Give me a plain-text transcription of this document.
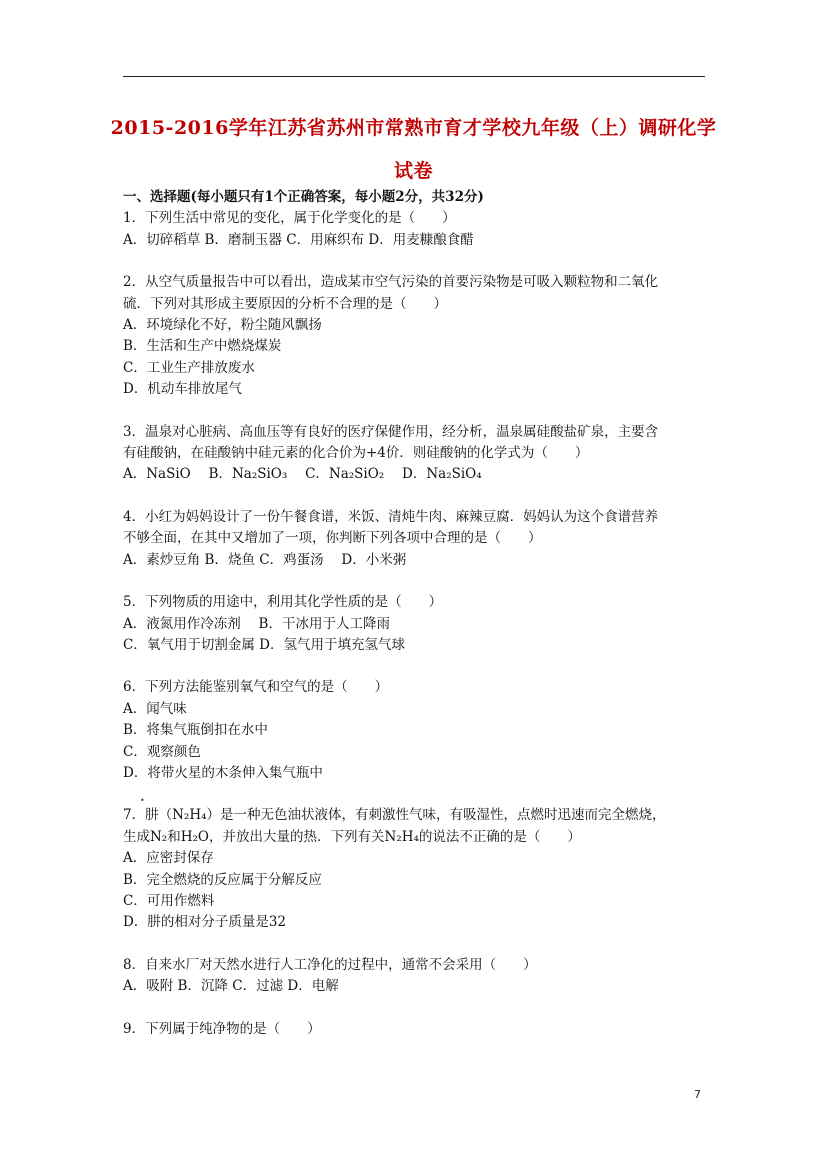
2015-2016学年江苏省苏州市常熟市育才学校九年级（上）调研化学
试卷

一、选择题(每小题只有1个正确答案，每小题2分，共32分)

1．下列生活中常见的变化，属于化学变化的是（　　）

A．切碎稻草 B．磨制玉器 C．用麻织布 D．用麦糠酿食醋

2．从空气质量报告中可以看出，造成某市空气污染的首要污染物是可吸入颗粒物和二氧化

硫．下列对其形成主要原因的分析不合理的是（　　）

A．环境绿化不好，粉尘随风飘扬

B．生活和生产中燃烧煤炭

C．工业生产排放废水

D．机动车排放尾气

3．温泉对心脏病、高血压等有良好的医疗保健作用，经分析，温泉属硅酸盐矿泉，主要含

有硅酸钠，在硅酸钠中硅元素的化合价为+4价．则硅酸钠的化学式为（　　）

A．NaSiO　 B．Na₂SiO₃　 C．Na₂SiO₂　 D．Na₂SiO₄

4．小红为妈妈设计了一份午餐食谱，米饭、清炖牛肉、麻辣豆腐．妈妈认为这个食谱营养

不够全面，在其中又增加了一项，你判断下列各项中合理的是（　　）

A．素炒豆角 B．烧鱼 C．鸡蛋汤　 D．小米粥

5．下列物质的用途中，利用其化学性质的是（　　）

A．液氮用作冷冻剂　 B．干冰用于人工降雨

C．氧气用于切割金属 D．氢气用于填充氢气球

6．下列方法能鉴别氧气和空气的是（　　）

A．闻气味

B．将集气瓶倒扣在水中

C．观察颜色

D．将带火星的木条伸入集气瓶中

7．肼（N₂H₄）是一种无色油状液体，有刺激性气味，有吸湿性，点燃时迅速而完全燃烧，

生成N₂和H₂O，并放出大量的热．下列有关N₂H₄的说法不正确的是（　　）

A．应密封保存

B．完全燃烧的反应属于分解反应

C．可用作燃料

D．肼的相对分子质量是32

8．自来水厂对天然水进行人工净化的过程中，通常不会采用（　　）

A．吸附 B．沉降 C．过滤 D．电解

9．下列属于纯净物的是（　　）

•
7
